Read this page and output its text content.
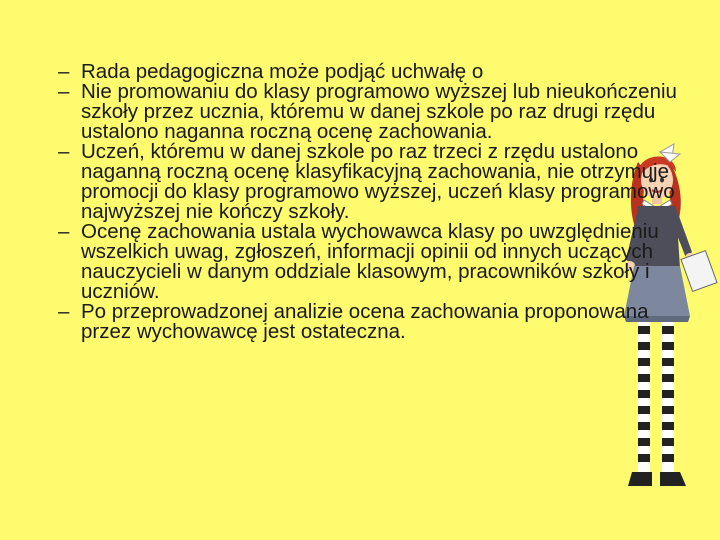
– Rada pedagogiczna może podjąć uchwałę o
– Nie promowaniu do klasy programowo wyższej lub nieukończeniu szkoły przez ucznia, któremu w danej szkole po raz drugi rzędu ustalono naganna roczną ocenę zachowania.
– Uczeń, któremu w danej szkole po raz trzeci z rzędu ustalono naganną roczną ocenę klasyfikacyjną zachowania, nie otrzymuje promocji do klasy programowo wyższej, uczeń klasy programowo najwyższej nie kończy szkoły.
– Ocenę zachowania ustala wychowawca klasy po uwzględnieniu wszelkich uwag, zgłoszeń, informacji opinii od innych uczących nauczycieli w danym oddziale klasowym, pracowników szkoły i uczniów.
– Po przeprowadzonej analizie ocena zachowania proponowana przez wychowawcę jest ostateczna.
